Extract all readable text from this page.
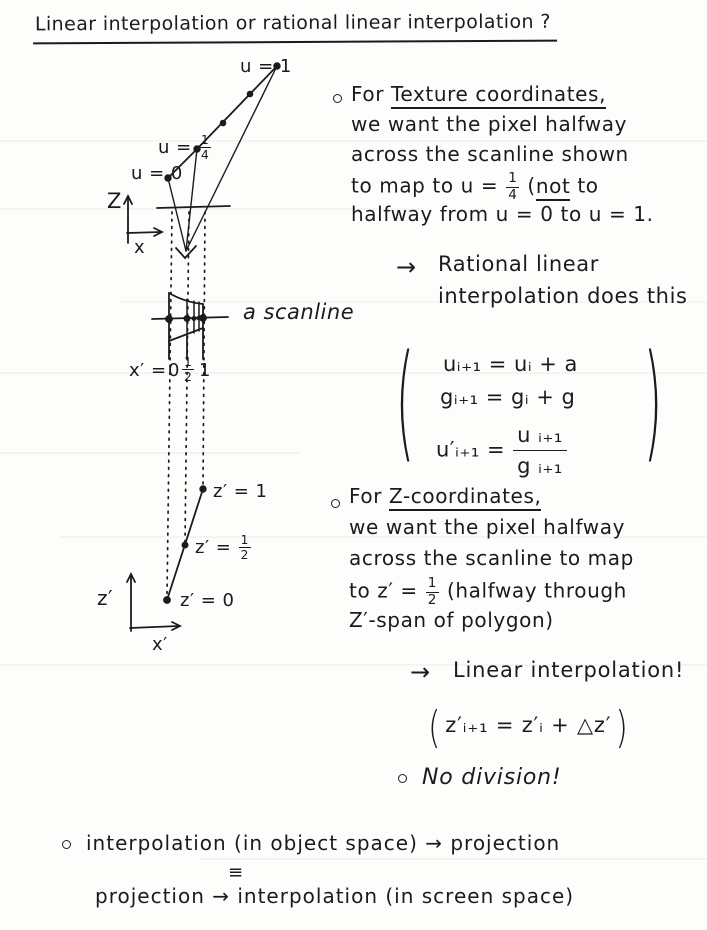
Linear interpolation or rational linear interpolation ?
u = 1
$u = \frac{1}{4}$
u = 0
Z
x
a scanline
$x' = 0 \frac{1}{2} 1$
z′ = 1
$z' = \frac{1}{2}$
z′ = 0
z′
x′
For Texture coordinates,
we want the pixel halfway
across the scanline shown
to map to $u = \frac{1}{4} (not$ to
halfway from u = 0 to u = 1.
→ Rational linear
interpolation does this
( uᵢ₊₁ = uᵢ + a
gᵢ₊₁ = gᵢ + g
u′ᵢ₊₁ = $\frac{\text{u ᵢ₊₁}}{\text{g ᵢ₊₁}}$ )
For Z-coordinates,
we want the pixel halfway
across the scanline to map
to $z' = \frac{1}{2}$ (halfway through
Z′-span of polygon)
→ Linear interpolation!
( z′ᵢ₊₁ = z′ᵢ + △z′ )
No division!
interpolation (in object space) → projection
≡
projection → interpolation (in screen space)
